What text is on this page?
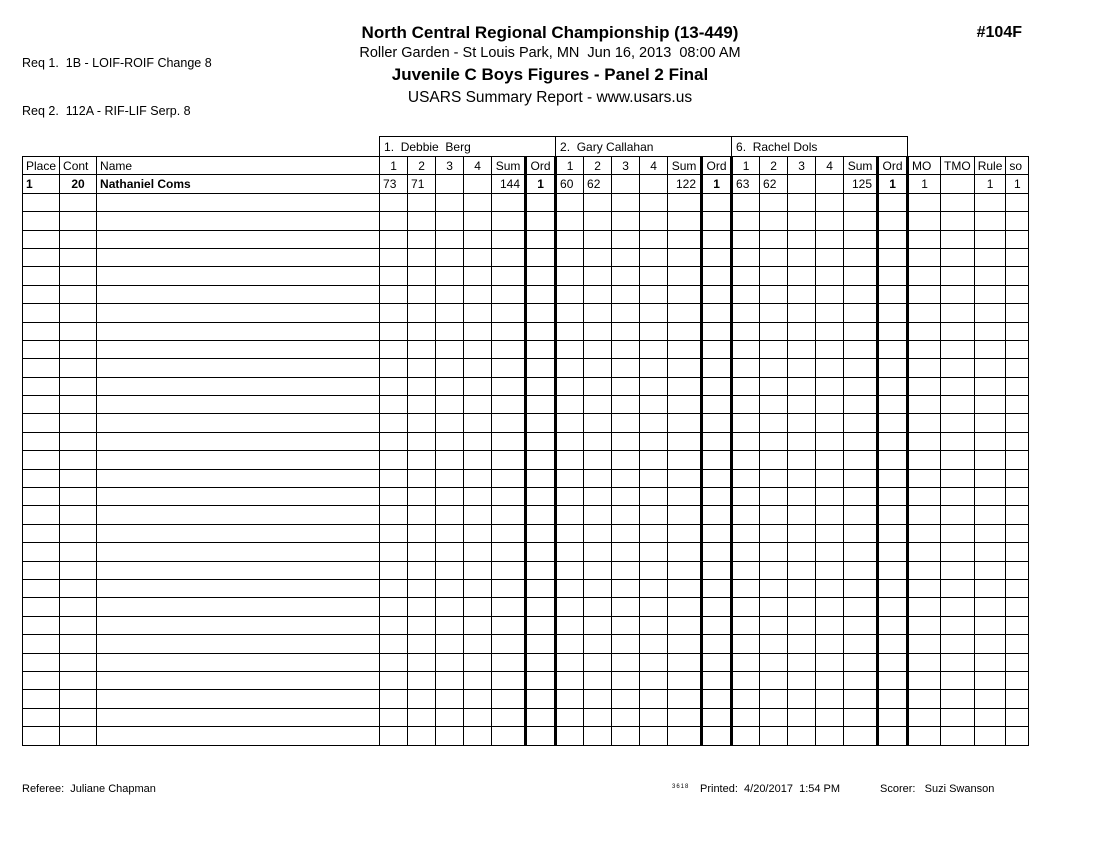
Req 1.  1B - LOIF-ROIF Change 8

Req 2.  112A - RIF-LIF Serp. 8

#104F
North Central Regional Championship (13-449)
Roller Garden - St Louis Park, MN  Jun 16, 2013  08:00 AM
Juvenile C Boys Figures - Panel 2 Final
USARS Summary Report - www.usars.us
			1.  Debbie  Berg						2.  Gary Callahan						6.  Rachel Dols									
Place	Cont	Name	1	2	3	4	Sum	Ord	1	2	3	4	Sum	Ord	1	2	3	4	Sum	Ord	MO	TMO	Rule	so
1	20	Nathaniel Coms	73	71			144	1	60	62			122	1	63	62			125	1	1		1	1

Referee:  Juliane Chapman	3618 Printed:  4/20/2017  1:54 PM	Scorer:   Suzi Swanson
